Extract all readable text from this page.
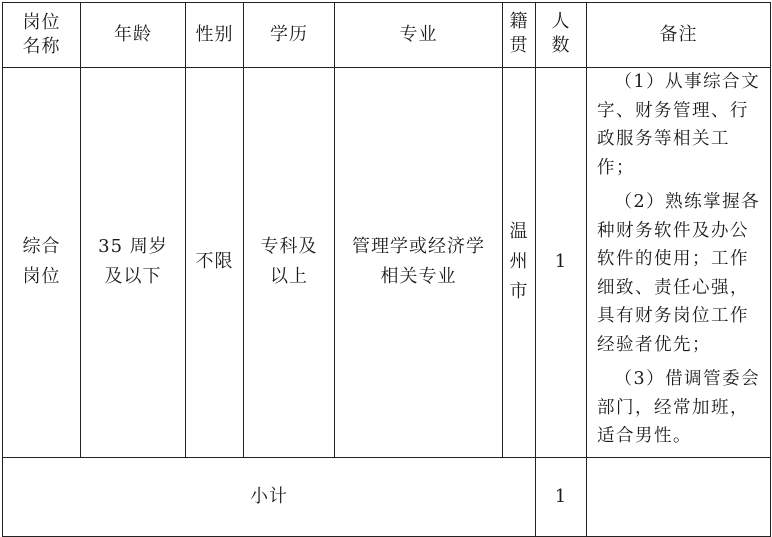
岗位名称	年龄	性别	学历	专业	籍贯	人数	备注

综合岗位	35 周岁及以下	不限	专科及以上	管理学或经济学相关专业	温州市	1	（1）从事综合文字、财务管理、行政服务等相关工作；

（2）熟练掌握各种财务软件及办公软件的使用；工作细致、责任心强，具有财务岗位工作经验者优先；

（3）借调管委会部门，经常加班，适合男性。

小计						1	
